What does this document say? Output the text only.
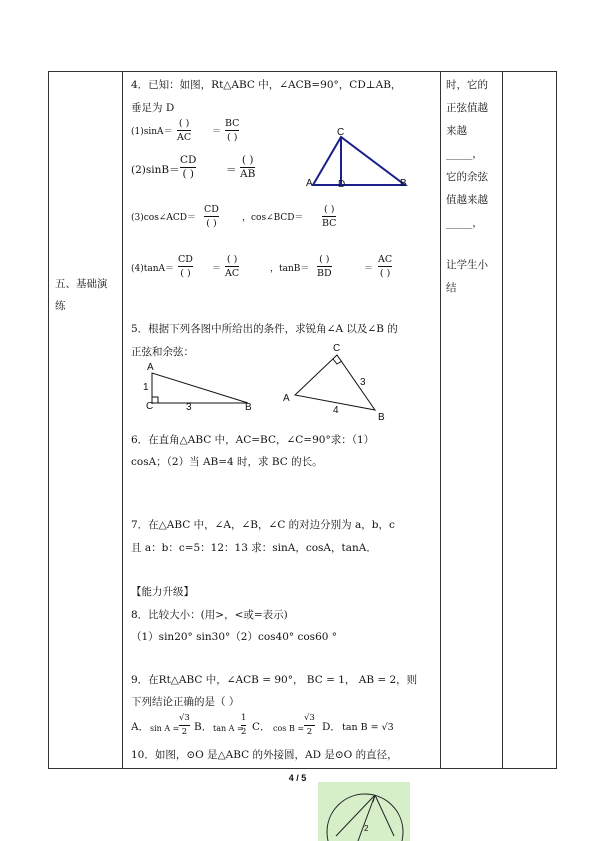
五、基础演练
时，它的
正弦值越
来越
_____，
它的余弦
值越来越
_____，
让学生小
结
4．已知：如图，Rt△ABC 中，∠ACB=90°，CD⊥AB，
垂足为 D
(1)sinA＝
( )
AC ＝
BC
( )
(2)sinB＝
CD
( )	＝
( )
AB
C
A	D	B
(3)cos∠ACD＝
CD
( )	，cos∠BCD＝
( )
BC
(4)tanA＝
CD
( ) ＝
( )
AC	，tanB＝
( )
BD	＝
AC
( )
5．根据下列各图中所给出的条件，求锐角∠A 以及∠B 的
正弦和余弦：
A
1
C	3	B
C
3
A
4
B
6．在直角△ABC 中，AC=BC，∠C=90°求：（1）
cosA；（2）当 AB=4 时，求 BC 的长。
7．在△ABC 中，∠A，∠B，∠C 的对边分别为 a，b，c
且 a：b：c=5：12：13 求：sinA，cosA，tanA．
【能力升级】
8．比较大小：(用>，<或=表示)
（1）sin20° sin30°（2）cos40° cos60 °
9．在Rt△ABC 中，∠ACB = 90°， BC = 1， AB = 2，则
下列结论正确的是（ ）
A． sin A =
√3
2 B． tan A =
1
2 C． cos B =
√3
2 D． tan B = √3
10．如图，⊙O 是△ABC 的外接圆，AD 是⊙O 的直径，
4 / 5
2
